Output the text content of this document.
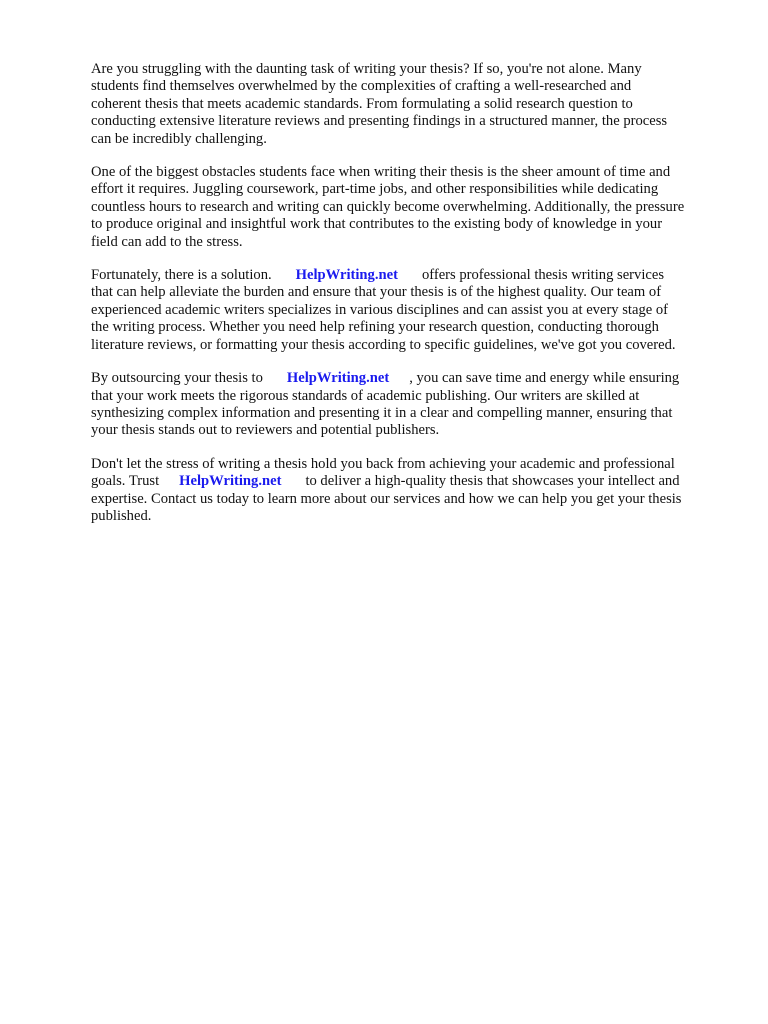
Are you struggling with the daunting task of writing your thesis? If so, you're not alone. Many
students find themselves overwhelmed by the complexities of crafting a well-researched and
coherent thesis that meets academic standards. From formulating a solid research question to
conducting extensive literature reviews and presenting findings in a structured manner, the process
can be incredibly challenging.

One of the biggest obstacles students face when writing their thesis is the sheer amount of time and
effort it requires. Juggling coursework, part-time jobs, and other responsibilities while dedicating
countless hours to research and writing can quickly become overwhelming. Additionally, the pressure
to produce original and insightful work that contributes to the existing body of knowledge in your
field can add to the stress.

Fortunately, there is a solution. HelpWriting.net offers professional thesis writing services
that can help alleviate the burden and ensure that your thesis is of the highest quality. Our team of
experienced academic writers specializes in various disciplines and can assist you at every stage of
the writing process. Whether you need help refining your research question, conducting thorough
literature reviews, or formatting your thesis according to specific guidelines, we've got you covered.

By outsourcing your thesis to HelpWriting.net , you can save time and energy while ensuring
that your work meets the rigorous standards of academic publishing. Our writers are skilled at
synthesizing complex information and presenting it in a clear and compelling manner, ensuring that
your thesis stands out to reviewers and potential publishers.

Don't let the stress of writing a thesis hold you back from achieving your academic and professional
goals. Trust HelpWriting.net to deliver a high-quality thesis that showcases your intellect and
expertise. Contact us today to learn more about our services and how we can help you get your thesis
published.
